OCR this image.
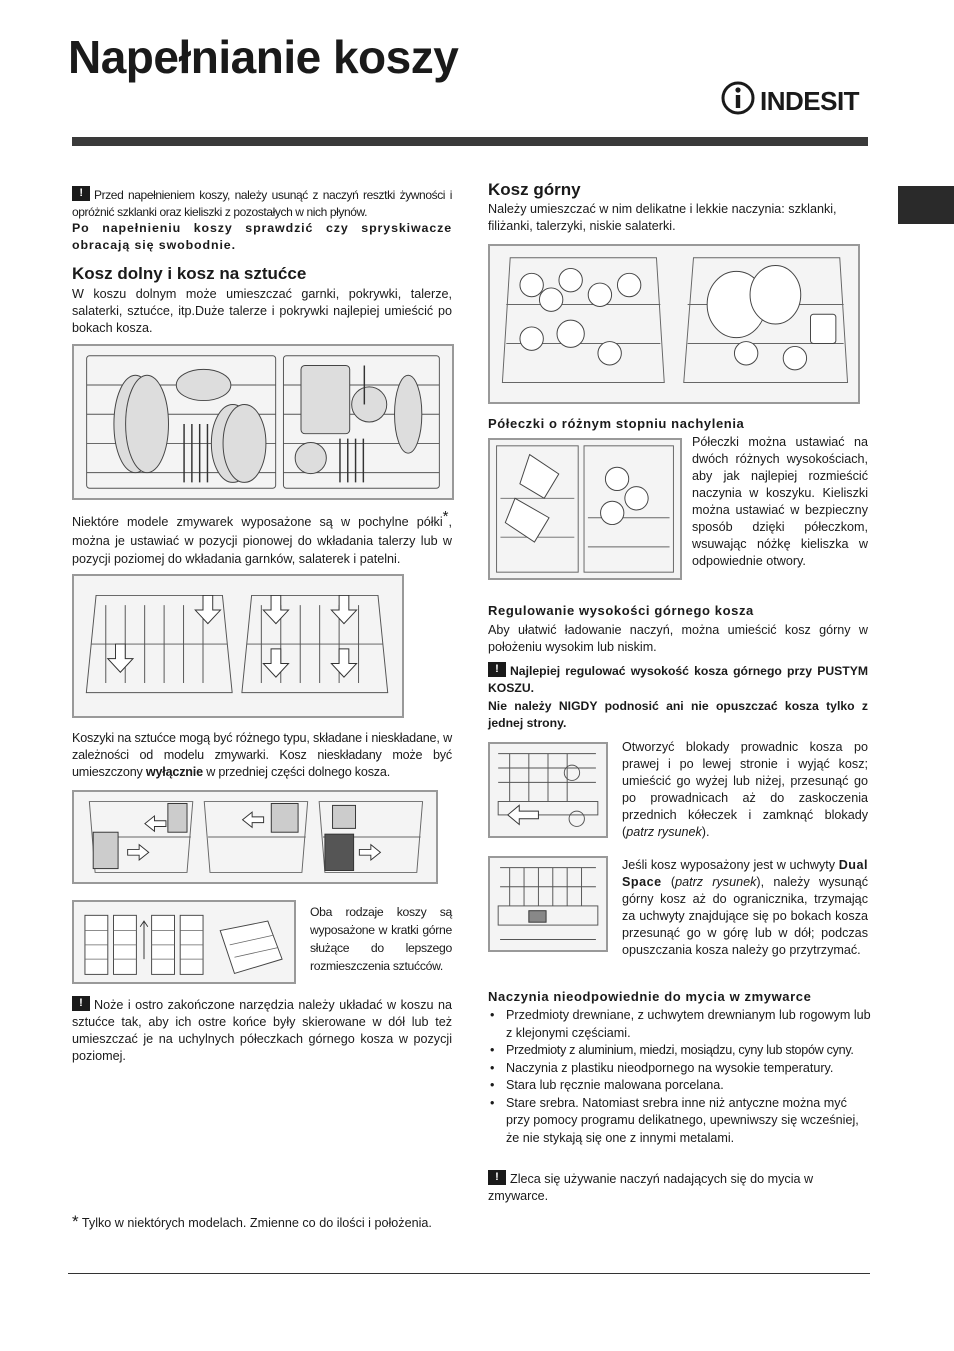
Napełnianie koszy
INDESIT
!Przed napełnieniem koszy, należy usunąć z naczyń resztki żywności i opróżnić szklanki oraz kieliszki z pozostałych w nich płynów.
Po napełnieniu koszy sprawdzić czy spryskiwacze obracają się swobodnie.
Kosz dolny i kosz na sztućce
W koszu dolnym może umieszczać garnki, pokrywki, talerze, salaterki, sztućce, itp.Duże talerze i pokrywki najlepiej umieścić po bokach kosza.
Niektóre modele zmywarek wyposażone są w pochylne półki*, można je ustawiać w pozycji pionowej do wkładania talerzy lub w pozycji poziomej do wkładania garnków, salaterek i patelni.
Koszyki na sztućce mogą być różnego typu, składane i nieskładane, w zależności od modelu zmywarki. Kosz nieskładany może być umieszczony wyłącznie w przedniej części dolnego kosza.
Oba rodzaje koszy są wyposażone w kratki górne służące do lepszego rozmieszczenia sztućców.
!Noże i ostro zakończone narzędzia należy układać w koszu na sztućce tak, aby ich ostre końce były skierowane w dół lub też umieszczać je na uchylnych półeczkach górnego kosza w pozycji poziomej.
* Tylko w niektórych modelach. Zmienne co do ilości i położenia.
Kosz górny
Należy umieszczać w nim delikatne i lekkie naczynia: szklanki, filiżanki, talerzyki, niskie salaterki.
Półeczki o różnym stopniu nachylenia
Półeczki można ustawiać na dwóch różnych wysokościach, aby jak najlepiej rozmieścić naczynia w koszyku. Kieliszki można ustawiać w bezpieczny sposób dzięki półeczkom, wsuwając nóżkę kieliszka w odpowiednie otwory.
Regulowanie wysokości górnego kosza
Aby ułatwić ładowanie naczyń, można umieścić kosz górny w położeniu wysokim lub niskim.
!Najlepiej regulować wysokość kosza górnego przy PUSTYM KOSZU.
Nie należy NIGDY podnosić ani nie opuszczać kosza tylko z jednej strony.
Otworzyć blokady prowadnic kosza po prawej i po lewej stronie i wyjąć kosz; umieścić go wyżej lub niżej, przesunąć go po prowadnicach aż do zaskoczenia przednich kółeczek i zamknąć blokady (patrz rysunek).
Jeśli kosz wyposażony jest w uchwyty Dual Space (patrz rysunek), należy wysunąć górny kosz aż do ogranicznika, trzymając za uchwyty znajdujące się po bokach kosza przesunąć go w górę lub w dół; podczas opuszczania kosza należy go przytrzymać.
Naczynia nieodpowiednie do mycia w zmywarce
• Przedmioty drewniane, z uchwytem drewnianym lub rogowym lub z klejonymi częściami.
• Przedmioty z aluminium, miedzi, mosiądzu, cyny lub stopów cyny.
• Naczynia z plastiku nieodpornego na wysokie temperatury.
• Stara lub ręcznie malowana porcelana.
• Stare srebra. Natomiast srebra inne niż antyczne można myć przy pomocy programu delikatnego, upewniwszy się wcześniej, że nie stykają się one z innymi metalami.
!Zleca się używanie naczyń nadających się do mycia w zmywarce.
